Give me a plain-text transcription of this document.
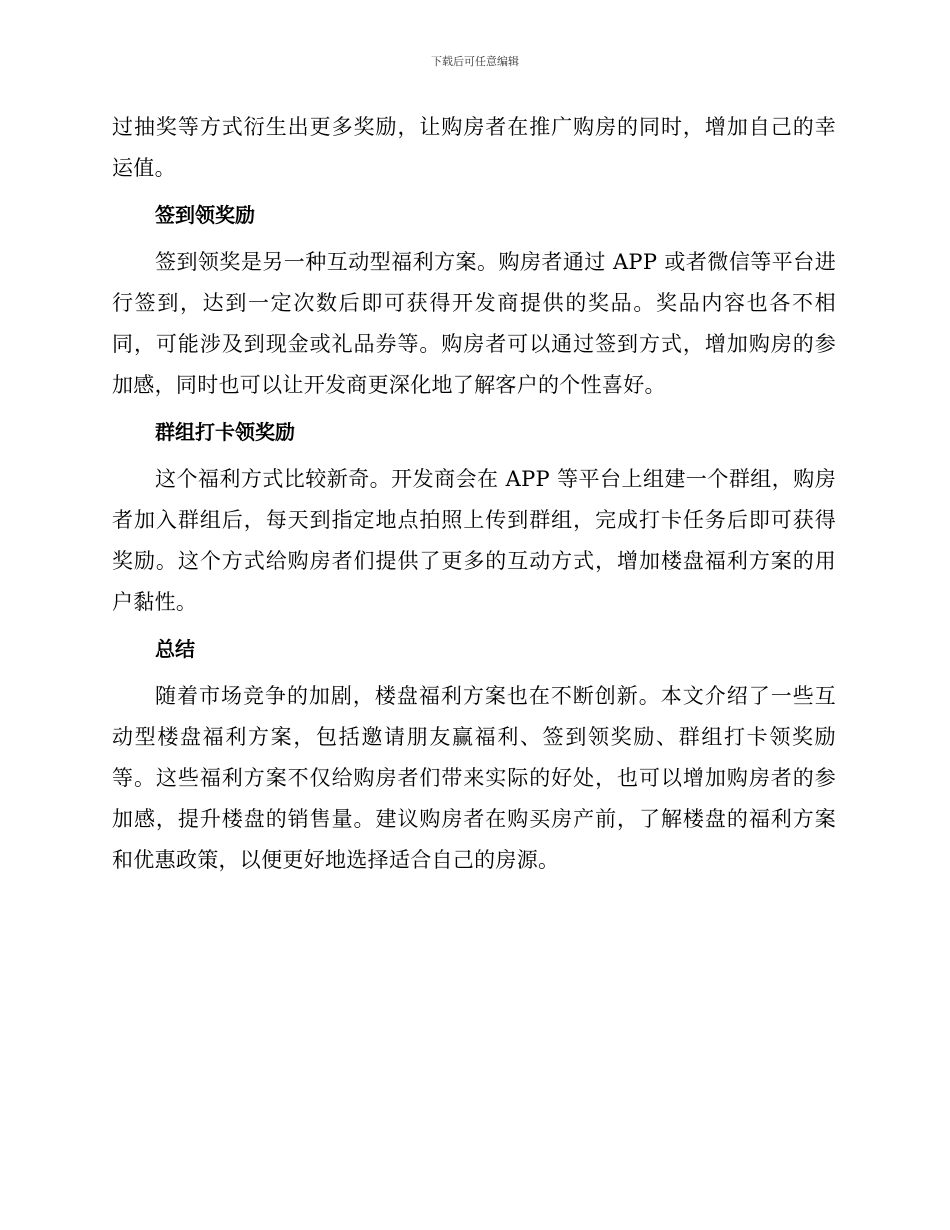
下载后可任意编辑

过抽奖等方式衍生出更多奖励，让购房者在推广购房的同时，增加自己的幸运值。

签到领奖励

签到领奖是另一种互动型福利方案。购房者通过 APP 或者微信等平台进行签到，达到一定次数后即可获得开发商提供的奖品。奖品内容也各不相同，可能涉及到现金或礼品券等。购房者可以通过签到方式，增加购房的参加感，同时也可以让开发商更深化地了解客户的个性喜好。

群组打卡领奖励

这个福利方式比较新奇。开发商会在 APP 等平台上组建一个群组，购房者加入群组后，每天到指定地点拍照上传到群组，完成打卡任务后即可获得奖励。这个方式给购房者们提供了更多的互动方式，增加楼盘福利方案的用户黏性。

总结

随着市场竞争的加剧，楼盘福利方案也在不断创新。本文介绍了一些互动型楼盘福利方案，包括邀请朋友赢福利、签到领奖励、群组打卡领奖励等。这些福利方案不仅给购房者们带来实际的好处，也可以增加购房者的参加感，提升楼盘的销售量。建议购房者在购买房产前，了解楼盘的福利方案和优惠政策，以便更好地选择适合自己的房源。
